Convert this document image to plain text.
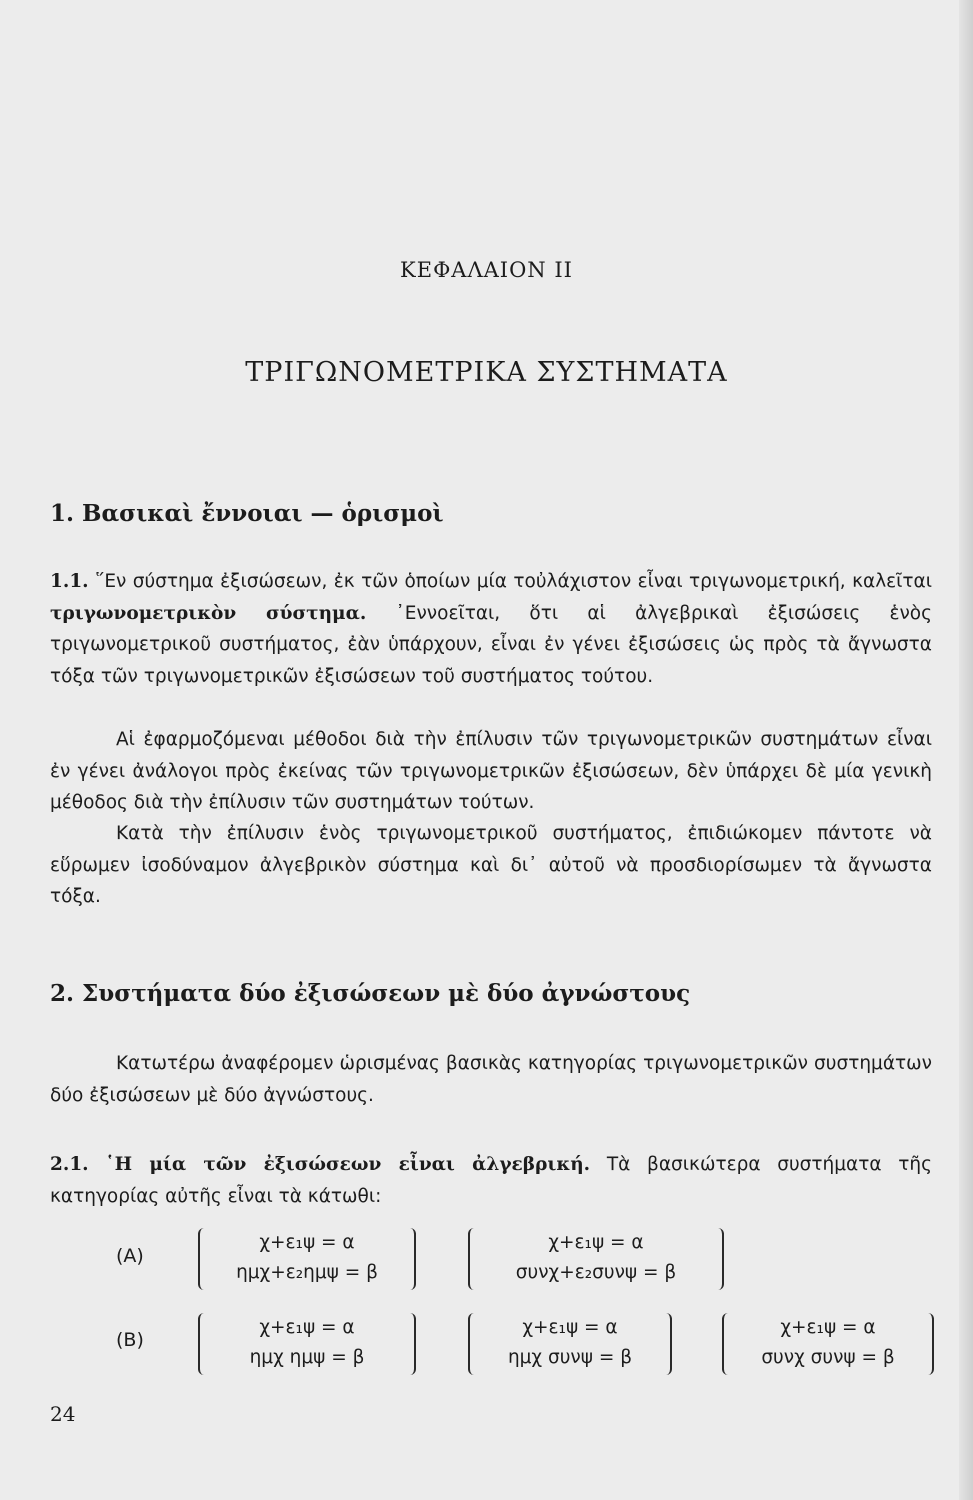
ΚΕΦΑΛΑΙΟΝ ΙΙ
ΤΡΙΓΩΝΟΜΕΤΡΙΚΑ ΣΥΣΤΗΜΑΤΑ
1. Βασικαὶ ἔννοιαι — ὁρισμοὶ
1.1. ῞Εν σύστημα ἐξισώσεων, ἐκ τῶν ὁποίων μία τοὐλάχιστον εἶναι τριγωνομετρική, καλεῖται τριγωνομετρικὸν σύστημα. ᾿Εννοεῖται, ὅτι αἱ ἀλγεβρικαὶ ἐξισώσεις ἑνὸς τριγωνομετρικοῦ συστήματος, ἐὰν ὑπάρχουν, εἶναι ἐν γένει ἐξισώσεις ὡς πρὸς τὰ ἄγνωστα τόξα τῶν τριγωνομετρικῶν ἐξισώσεων τοῦ συστήματος τούτου.
Αἱ ἐφαρμοζόμεναι μέθοδοι διὰ τὴν ἐπίλυσιν τῶν τριγωνομετρικῶν συστημάτων εἶναι ἐν γένει ἀνάλογοι πρὸς ἐκείνας τῶν τριγωνομετρικῶν ἐξισώσεων, δὲν ὑπάρχει δὲ μία γενικὴ μέθοδος διὰ τὴν ἐπίλυσιν τῶν συστημάτων τούτων.
Κατὰ τὴν ἐπίλυσιν ἑνὸς τριγωνομετρικοῦ συστήματος, ἐπιδιώκομεν πάντοτε νὰ εὕρωμεν ἰσοδύναμον ἀλγεβρικὸν σύστημα καὶ δι᾿ αὐτοῦ νὰ προσδιορίσωμεν τὰ ἄγνωστα τόξα.
2. Συστήματα δύο ἐξισώσεων μὲ δύο ἀγνώστους
Κατωτέρω ἀναφέρομεν ὡρισμένας βασικὰς κατηγορίας τριγωνομετρικῶν συστημάτων δύο ἐξισώσεων μὲ δύο ἀγνώστους.
2.1. ῾Η μία τῶν ἐξισώσεων εἶναι ἀλγεβρική. Τὰ βασικώτερα συστήματα τῆς κατηγορίας αὐτῆς εἶναι τὰ κάτωθι:
(A)
χ+ε₁ψ = α
ημχ+ε₂ημψ = β
χ+ε₁ψ = α
συνχ+ε₂συνψ = β
(B)
χ+ε₁ψ = α
ημχ ημψ = β
χ+ε₁ψ = α
ημχ συνψ = β
χ+ε₁ψ = α
συνχ συνψ = β
24
